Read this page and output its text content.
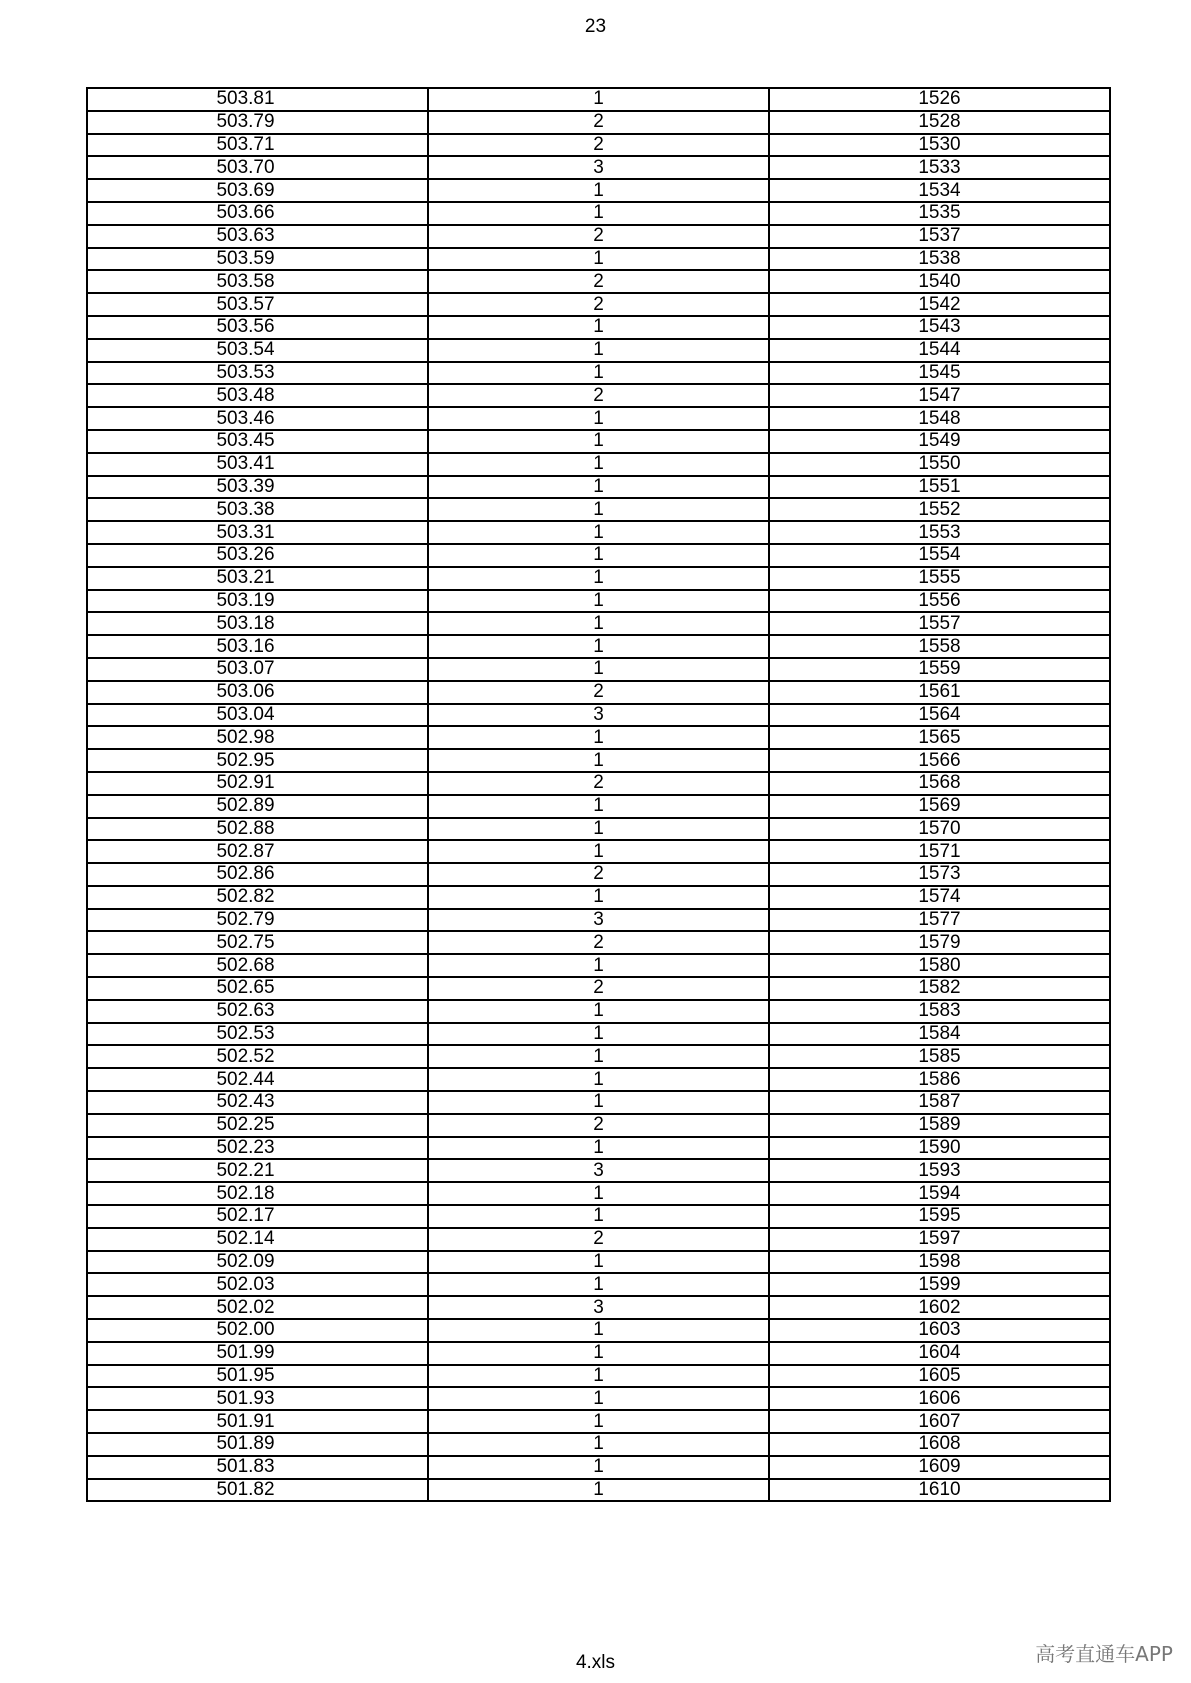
23
503.81	1	1526
503.79	2	1528
503.71	2	1530
503.70	3	1533
503.69	1	1534
503.66	1	1535
503.63	2	1537
503.59	1	1538
503.58	2	1540
503.57	2	1542
503.56	1	1543
503.54	1	1544
503.53	1	1545
503.48	2	1547
503.46	1	1548
503.45	1	1549
503.41	1	1550
503.39	1	1551
503.38	1	1552
503.31	1	1553
503.26	1	1554
503.21	1	1555
503.19	1	1556
503.18	1	1557
503.16	1	1558
503.07	1	1559
503.06	2	1561
503.04	3	1564
502.98	1	1565
502.95	1	1566
502.91	2	1568
502.89	1	1569
502.88	1	1570
502.87	1	1571
502.86	2	1573
502.82	1	1574
502.79	3	1577
502.75	2	1579
502.68	1	1580
502.65	2	1582
502.63	1	1583
502.53	1	1584
502.52	1	1585
502.44	1	1586
502.43	1	1587
502.25	2	1589
502.23	1	1590
502.21	3	1593
502.18	1	1594
502.17	1	1595
502.14	2	1597
502.09	1	1598
502.03	1	1599
502.02	3	1602
502.00	1	1603
501.99	1	1604
501.95	1	1605
501.93	1	1606
501.91	1	1607
501.89	1	1608
501.83	1	1609
501.82	1	1610
4.xls	高考直通车APP
